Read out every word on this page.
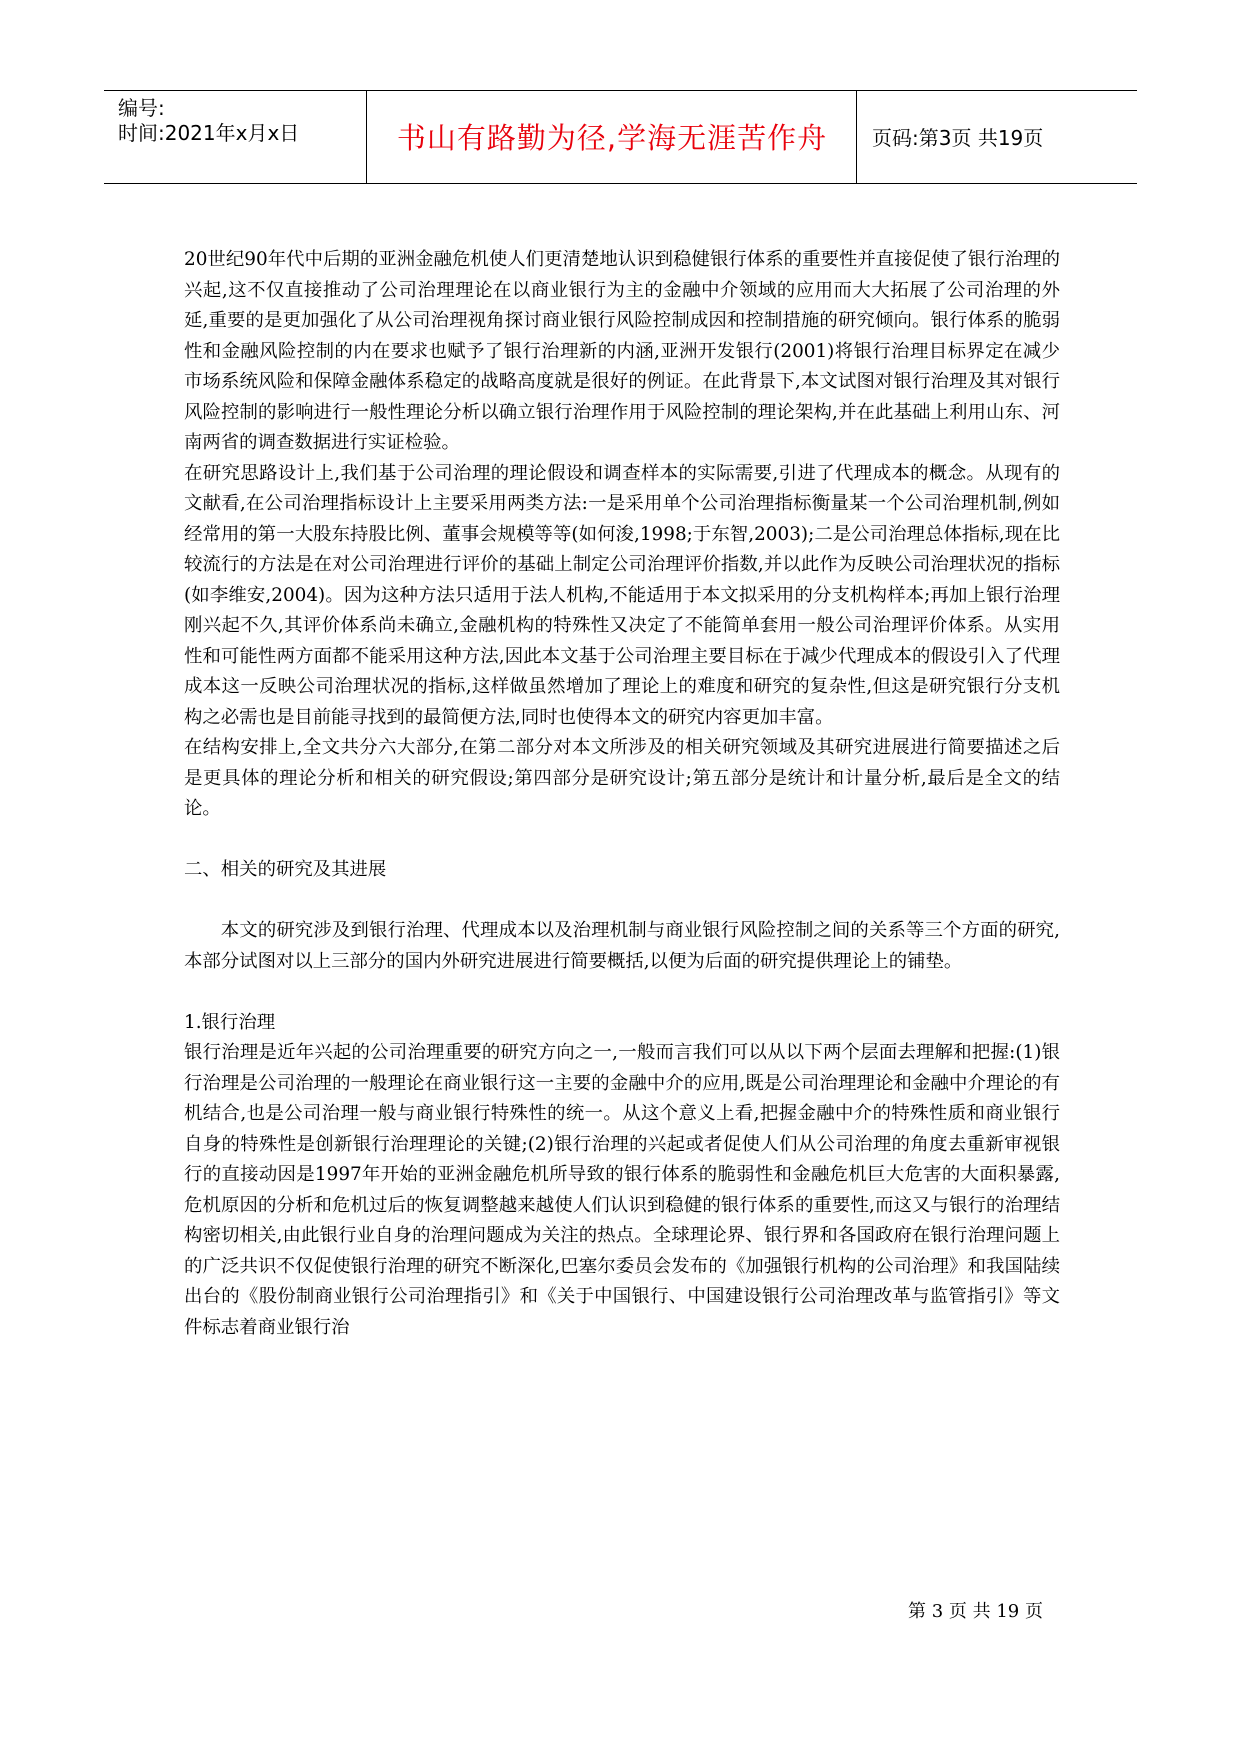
编号:
时间:2021年x月x日	书山有路勤为径,学海无涯苦作舟	页码:第3页 共19页

20世纪90年代中后期的亚洲金融危机使人们更清楚地认识到稳健银行体系的重要性并直接促使了银行治理的兴起,这不仅直接推动了公司治理理论在以商业银行为主的金融中介领域的应用而大大拓展了公司治理的外延,重要的是更加强化了从公司治理视角探讨商业银行风险控制成因和控制措施的研究倾向。银行体系的脆弱性和金融风险控制的内在要求也赋予了银行治理新的内涵,亚洲开发银行(2001)将银行治理目标界定在减少市场系统风险和保障金融体系稳定的战略高度就是很好的例证。在此背景下,本文试图对银行治理及其对银行风险控制的影响进行一般性理论分析以确立银行治理作用于风险控制的理论架构,并在此基础上利用山东、河南两省的调查数据进行实证检验。

在研究思路设计上,我们基于公司治理的理论假设和调查样本的实际需要,引进了代理成本的概念。从现有的文献看,在公司治理指标设计上主要采用两类方法:一是采用单个公司治理指标衡量某一个公司治理机制,例如经常用的第一大股东持股比例、董事会规模等等(如何浚,1998;于东智,2003);二是公司治理总体指标,现在比较流行的方法是在对公司治理进行评价的基础上制定公司治理评价指数,并以此作为反映公司治理状况的指标(如李维安,2004)。因为这种方法只适用于法人机构,不能适用于本文拟采用的分支机构样本;再加上银行治理刚兴起不久,其评价体系尚未确立,金融机构的特殊性又决定了不能简单套用一般公司治理评价体系。从实用性和可能性两方面都不能采用这种方法,因此本文基于公司治理主要目标在于减少代理成本的假设引入了代理成本这一反映公司治理状况的指标,这样做虽然增加了理论上的难度和研究的复杂性,但这是研究银行分支机构之必需也是目前能寻找到的最简便方法,同时也使得本文的研究内容更加丰富。

在结构安排上,全文共分六大部分,在第二部分对本文所涉及的相关研究领域及其研究进展进行简要描述之后是更具体的理论分析和相关的研究假设;第四部分是研究设计;第五部分是统计和计量分析,最后是全文的结论。

二、相关的研究及其进展

本文的研究涉及到银行治理、代理成本以及治理机制与商业银行风险控制之间的关系等三个方面的研究,本部分试图对以上三部分的国内外研究进展进行简要概括,以便为后面的研究提供理论上的铺垫。

1.银行治理

银行治理是近年兴起的公司治理重要的研究方向之一,一般而言我们可以从以下两个层面去理解和把握:(1)银行治理是公司治理的一般理论在商业银行这一主要的金融中介的应用,既是公司治理理论和金融中介理论的有机结合,也是公司治理一般与商业银行特殊性的统一。从这个意义上看,把握金融中介的特殊性质和商业银行自身的特殊性是创新银行治理理论的关键;(2)银行治理的兴起或者促使人们从公司治理的角度去重新审视银行的直接动因是1997年开始的亚洲金融危机所导致的银行体系的脆弱性和金融危机巨大危害的大面积暴露,危机原因的分析和危机过后的恢复调整越来越使人们认识到稳健的银行体系的重要性,而这又与银行的治理结构密切相关,由此银行业自身的治理问题成为关注的热点。全球理论界、银行界和各国政府在银行治理问题上的广泛共识不仅促使银行治理的研究不断深化,巴塞尔委员会发布的《加强银行机构的公司治理》和我国陆续出台的《股份制商业银行公司治理指引》和《关于中国银行、中国建设银行公司治理改革与监管指引》等文件标志着商业银行治

第 3 页 共 19 页
